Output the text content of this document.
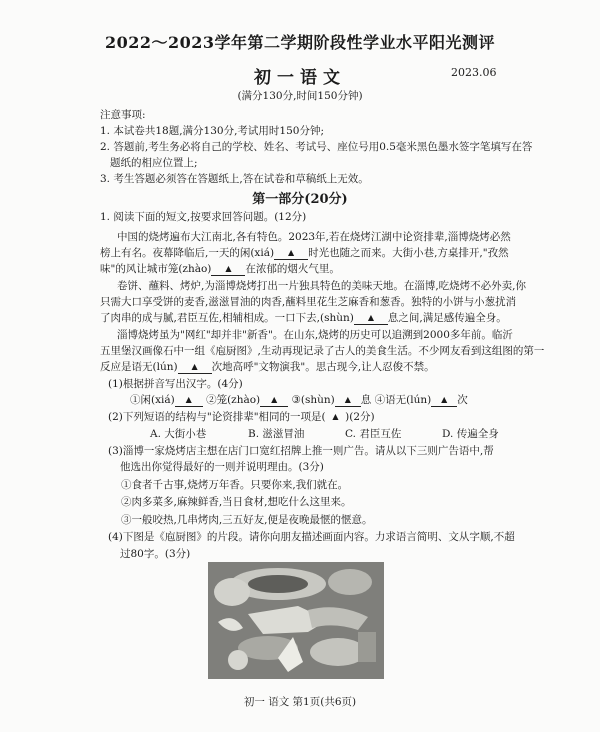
2022～2023学年第二学期阶段性学业水平阳光测评
初一语文	2023.06
(满分130分,时间150分钟)
注意事项:
1. 本试卷共18题,满分130分,考试用时150分钟;
2. 答题前,考生务必将自己的学校、姓名、考试号、座位号用0.5毫米黑色墨水签字笔填写在答
题纸的相应位置上;
第一部分(20分)
1. 阅读下面的短文,按要求回答问题。(12分)
中国的烧烤遍布大江南北,各有特色。2023年,若在烧烤江湖中论资排辈,淄博烧烤必然
榜上有名。夜幕降临后,一天的闲(xiá) ▲ 时光也随之而来。大街小巷,方桌排开,"孜然
味"的风让城市笼(zhào) ▲ 在浓郁的烟火气里。
卷饼、蘸料、烤炉,为淄博烧烤打出一片独具特色的美味天地。在淄博,吃烧烤不必外卖,你
只需大口享受饼的麦香,滋滋冒油的肉香,蘸料里花生芝麻香和葱香。独特的小饼与小葱扰消
了肉串的成与腻,君臣互佐,相辅相成。一口下去,(shùn) ▲ 息之间,满足感传遍全身。
淄博烧烤虽为"网红"却并非"新香"。在山东,烧烤的历史可以追溯到2000多年前。临沂
五里堡汉画像石中一组《庖厨图》,生动再现记录了古人的美食生活。不少网友看到这组图的第一
反应是语无(lún) ▲ 次地高呼"文物演我"。思古现今,让人忍俊不禁。
(1)根据拼音写出汉字。(4分)
①闲(xiá) ▲ ②笼(zhào) ▲ ③(shùn) ▲ 息 ④语无(lún) ▲ 次
(2)下列短语的结构与"论资排辈"相同的一项是( ▲ )(2分)
A. 大街小巷	B. 滋滋冒油	C. 君臣互佐	D. 传遍全身
(3)淄博一家烧烤店主想在店门口宽红招牌上推一则广告。请从以下三则广告语中,帮
他选出你觉得最好的一则并说明理由。(3分)
①食者千古事,烧烤万年香。只要你来,我们就在。
②肉多菜多,麻辣鲜香,当日食材,想吃什么这里来。
③一般咬热,几串烤肉,三五好友,便是夜晚最惬的惬意。
(4)下图是《庖厨图》的片段。请你向朋友描述画面内容。力求语言简明、文从字顺,不超
过80字。(3分)
初一 语文 第1页(共6页)
3. 考生答题必须答在答题纸上,答在试卷和草稿纸上无效。
